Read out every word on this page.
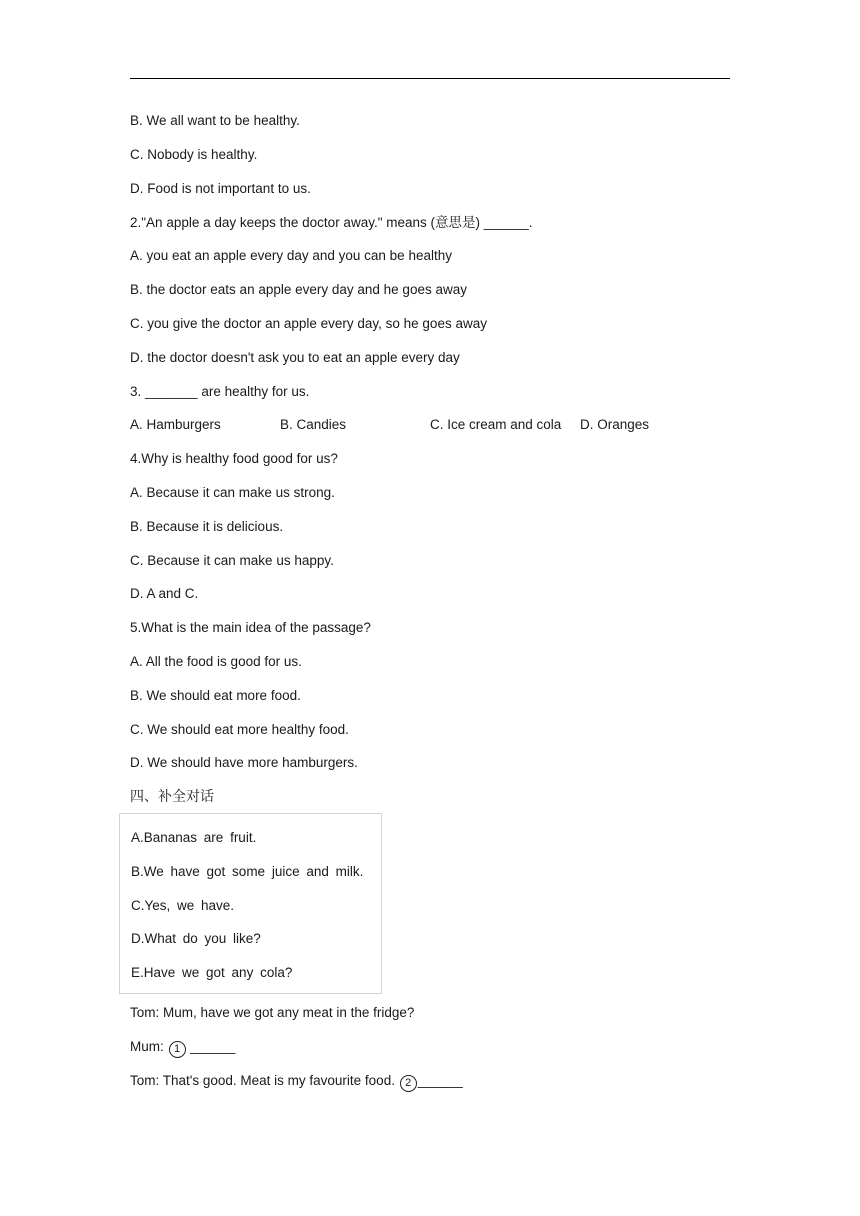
B. We all want to be healthy.
C. Nobody is healthy.
D. Food is not important to us.
2."An apple a day keeps the doctor away." means (意思是) ______.
A. you eat an apple every day and you can be healthy
B. the doctor eats an apple every day and he goes away
C. you give the doctor an apple every day, so he goes away
D. the doctor doesn't ask you to eat an apple every day
3. _______ are healthy for us.
A. Hamburgers	B. Candies	C. Ice cream and cola D. Oranges
4.Why is healthy food good for us?
A. Because it can make us strong.
B. Because it is delicious.
C. Because it can make us happy.
D. A and C.
5.What is the main idea of the passage?
A. All the food is good for us.
B. We should eat more food.
C. We should eat more healthy food.
D. We should have more hamburgers.
四、补全对话
A.Bananas are fruit.
B.We have got some juice and milk.
C.Yes, we have.
D.What do you like?
E.Have we got any cola?
Tom: Mum, have we got any meat in the fridge?
Mum: 1 ______
Tom: That's good. Meat is my favourite food. 2 ______
